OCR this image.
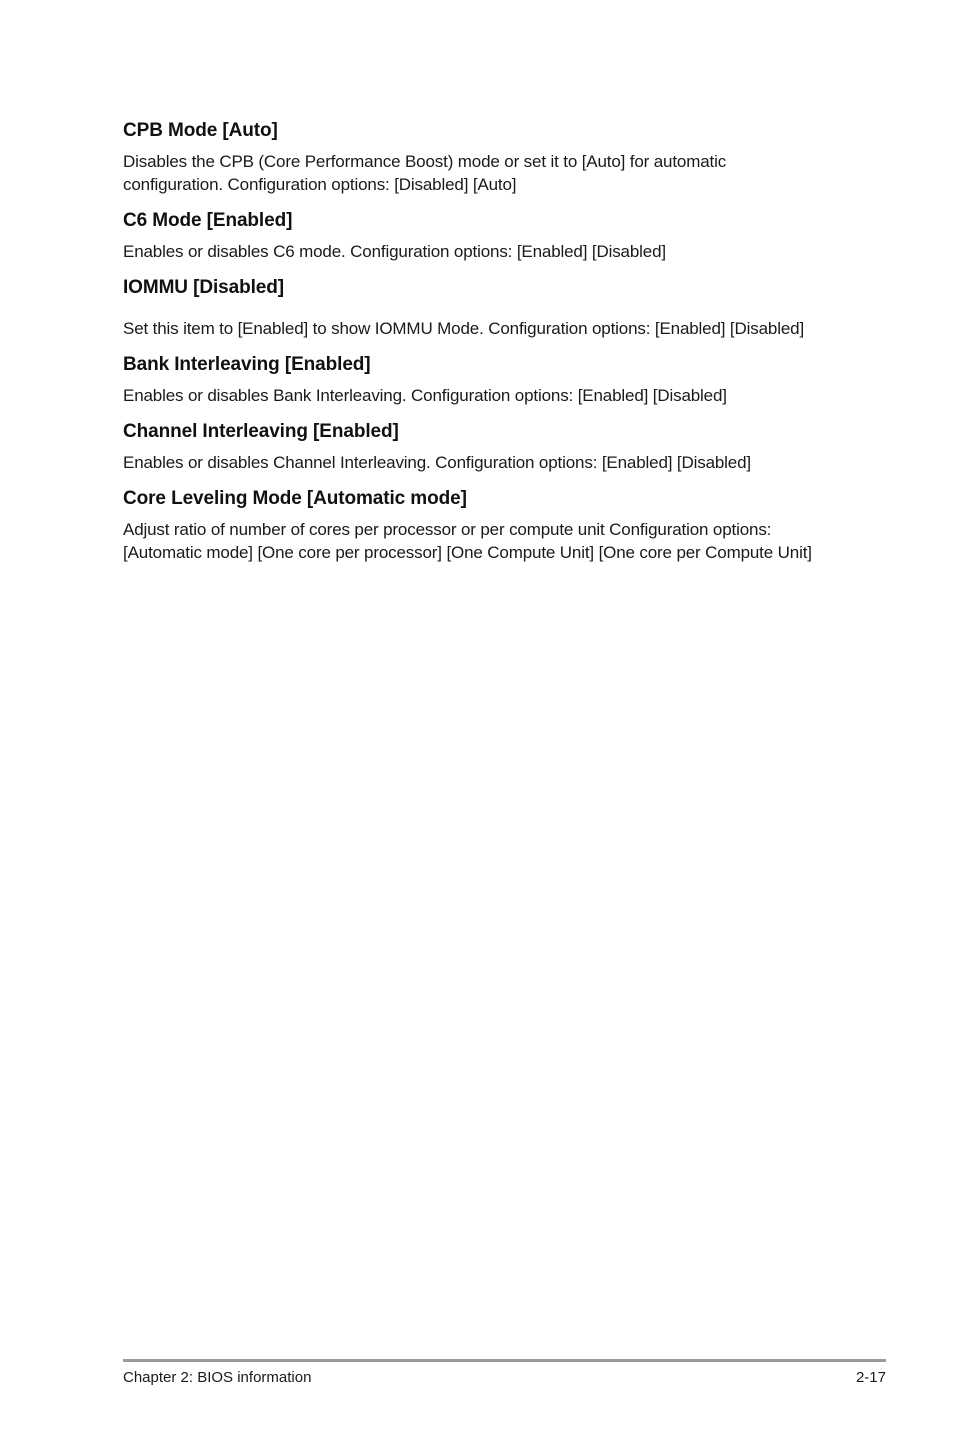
CPB Mode [Auto]

Disables the CPB (Core Performance Boost) mode or set it to [Auto] for automatic
configuration. Configuration options: [Disabled] [Auto]

C6 Mode [Enabled]

Enables or disables C6 mode. Configuration options: [Enabled] [Disabled]

IOMMU [Disabled]

Set this item to [Enabled] to show IOMMU Mode. Configuration options: [Enabled] [Disabled]

Bank Interleaving [Enabled]

Enables or disables Bank Interleaving. Configuration options: [Enabled] [Disabled]

Channel Interleaving [Enabled]

Enables or disables Channel Interleaving. Configuration options: [Enabled] [Disabled]

Core Leveling Mode [Automatic mode]

Adjust ratio of number of cores per processor or per compute unit Configuration options:
[Automatic mode] [One core per processor] [One Compute Unit] [One core per Compute Unit]

Chapter 2: BIOS information	2-17
